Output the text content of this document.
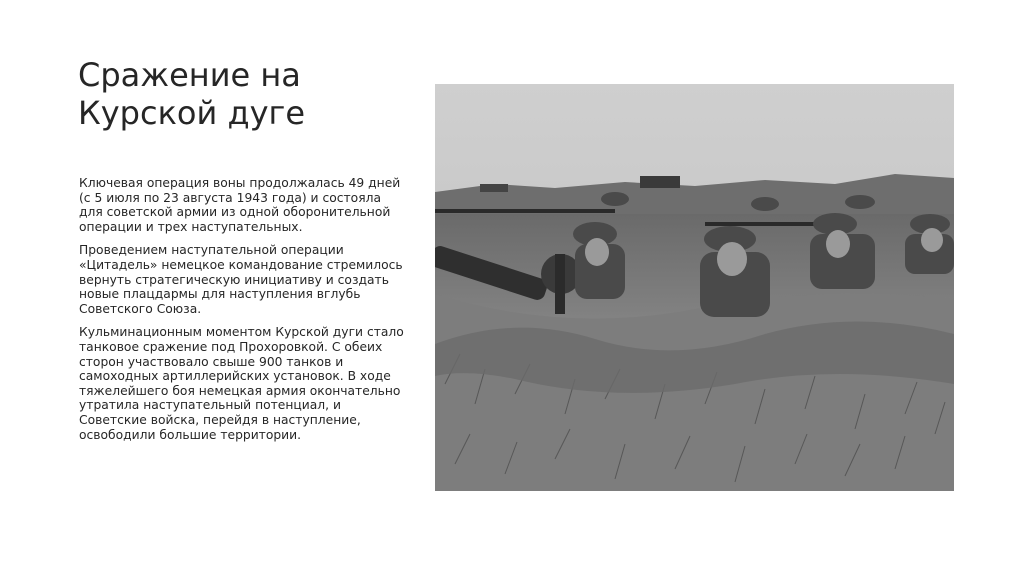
Сражение на Курской дуге

Ключевая операция воны продолжалась 49 дней (с 5 июля по 23 августа 1943 года) и состояла для советской армии из одной оборонительной операции и трех наступательных.

Проведением наступательной операции «Цитадель» немецкое командование стремилось вернуть стратегическую инициативу и создать новые плацдармы для наступления вглубь Советского Союза.

Кульминационным моментом Курской дуги стало танковое сражение под Прохоровкой. С обеих сторон участвовало свыше 900 танков и самоходных артиллерийских установок. В ходе тяжелейшего боя немецкая армия окончательно утратила наступательный потенциал, и Советские войска, перейдя в наступление, освободили большие территории.
